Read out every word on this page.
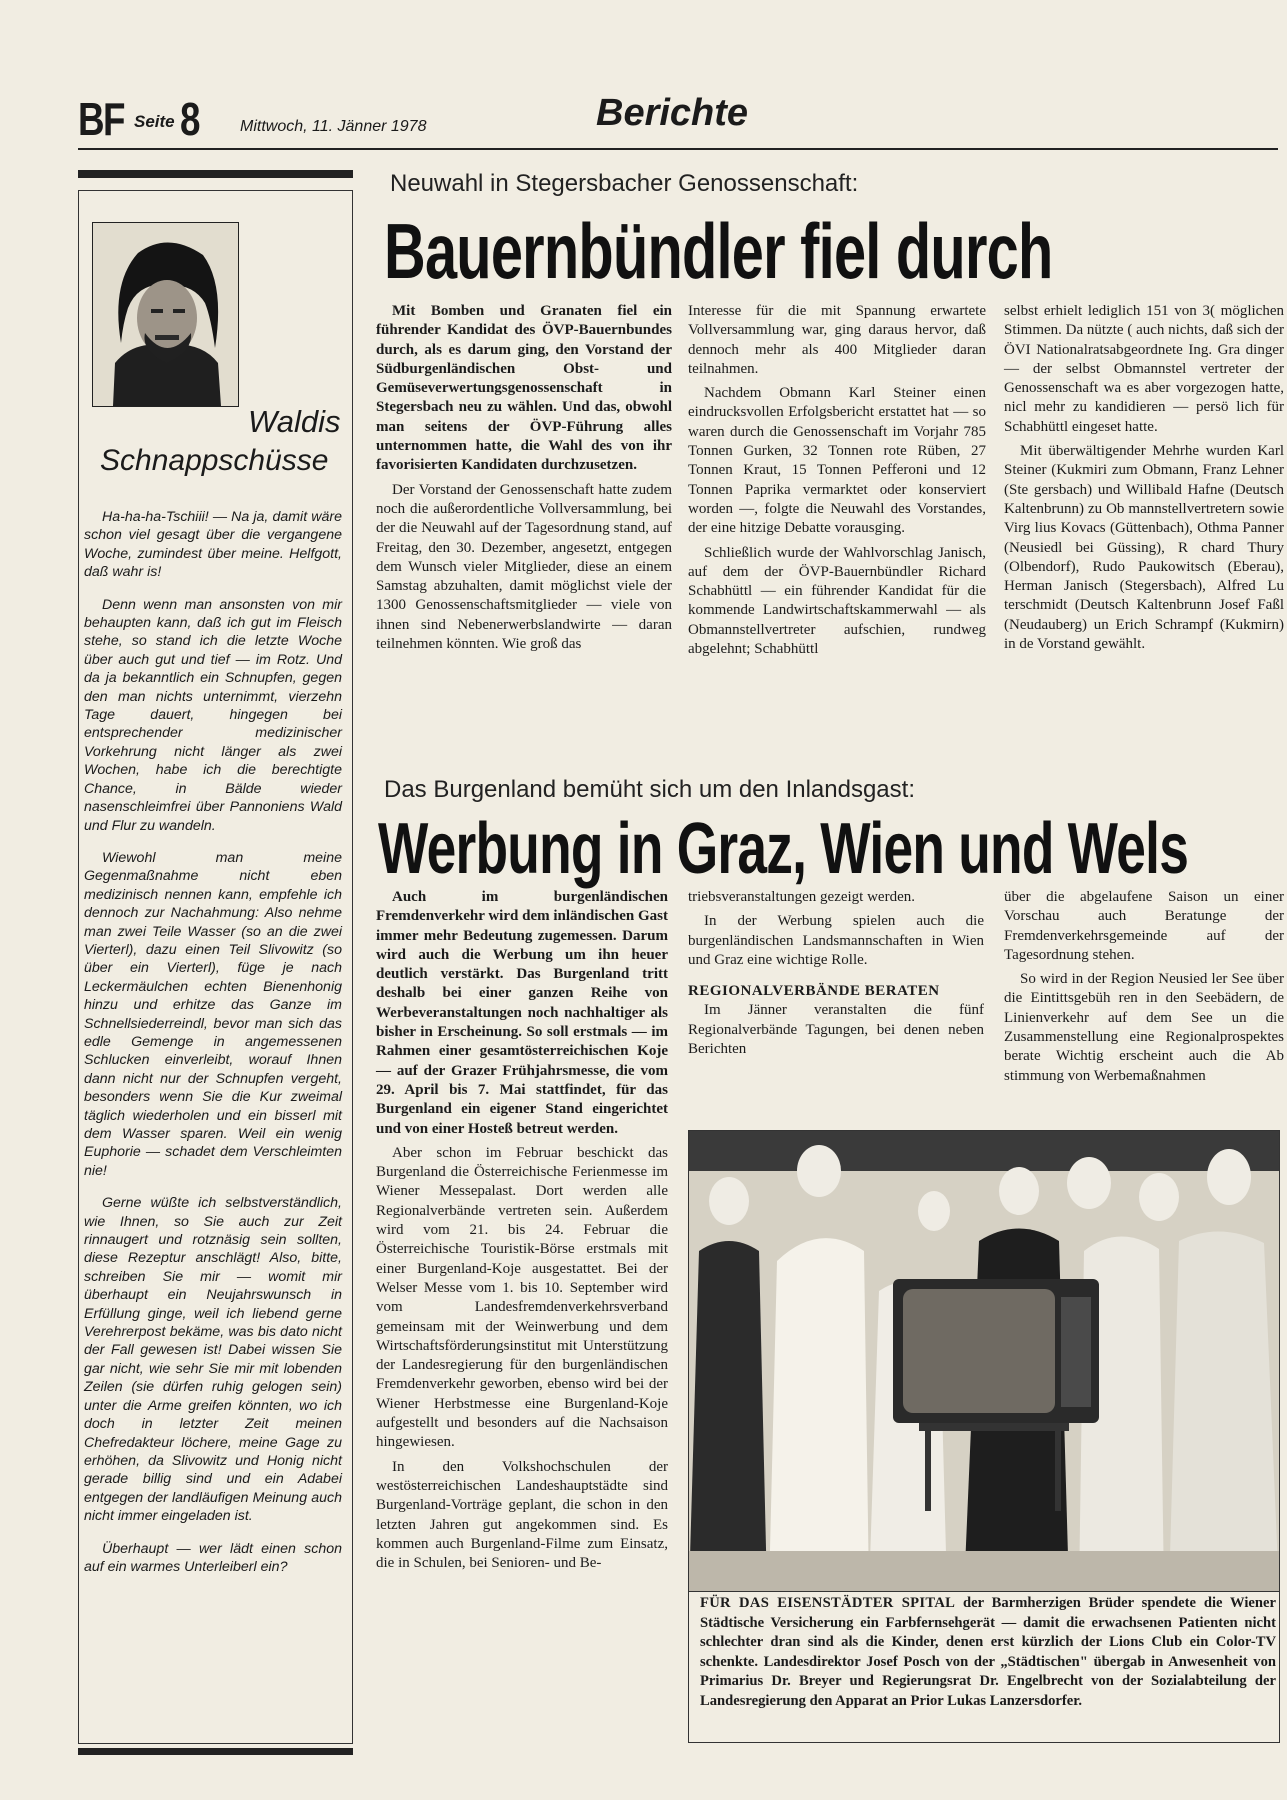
BF Seite 8 Mittwoch, 11. Jänner 1978	Berichte
Waldis
Schnappschüsse

Ha-ha-ha-Tschiii! — Na ja, damit wäre schon viel gesagt über die vergangene Woche, zumindest über meine. Helfgott, daß wahr is!

Denn wenn man ansonsten von mir behaupten kann, daß ich gut im Fleisch stehe, so stand ich die letzte Woche über auch gut und tief — im Rotz. Und da ja bekanntlich ein Schnupfen, gegen den man nichts unternimmt, vierzehn Tage dauert, hingegen bei entsprechender medizinischer Vorkehrung nicht länger als zwei Wochen, habe ich die berechtigte Chance, in Bälde wieder nasenschleimfrei über Pannoniens Wald und Flur zu wandeln.

Wiewohl man meine Gegenmaßnahme nicht eben medizinisch nennen kann, empfehle ich dennoch zur Nachahmung: Also nehme man zwei Teile Wasser (so an die zwei Vierterl), dazu einen Teil Slivowitz (so über ein Vierterl), füge je nach Leckermäulchen echten Bienenhonig hinzu und erhitze das Ganze im Schnellsiederreindl, bevor man sich das edle Gemenge in angemessenen Schlucken einverleibt, worauf Ihnen dann nicht nur der Schnupfen vergeht, besonders wenn Sie die Kur zweimal täglich wiederholen und ein bisserl mit dem Wasser sparen. Weil ein wenig Euphorie — schadet dem Verschleimten nie!

Gerne wüßte ich selbstverständlich, wie Ihnen, so Sie auch zur Zeit rinnaugert und rotznäsig sein sollten, diese Rezeptur anschlägt! Also, bitte, schreiben Sie mir — womit mir überhaupt ein Neujahrswunsch in Erfüllung ginge, weil ich liebend gerne Verehrerpost bekäme, was bis dato nicht der Fall gewesen ist! Dabei wissen Sie gar nicht, wie sehr Sie mir mit lobenden Zeilen (sie dürfen ruhig gelogen sein) unter die Arme greifen könnten, wo ich doch in letzter Zeit meinen Chefredakteur löchere, meine Gage zu erhöhen, da Slivowitz und Honig nicht gerade billig sind und ein Adabei entgegen der landläufigen Meinung auch nicht immer eingeladen ist.

Überhaupt — wer lädt einen schon auf ein warmes Unterleiberl ein?

Neuwahl in Stegersbacher Genossenschaft:
Bauernbündler fiel durch

Mit Bomben und Granaten fiel ein führender Kandidat des ÖVP-Bauernbundes durch, als es darum ging, den Vorstand der Südburgenländischen Obst- und Gemüseverwertungsgenossenschaft in Stegersbach neu zu wählen. Und das, obwohl man seitens der ÖVP-Führung alles unternommen hatte, die Wahl des von ihr favorisierten Kandidaten durchzusetzen.

Der Vorstand der Genossenschaft hatte zudem noch die außerordentliche Vollversammlung, bei der die Neuwahl auf der Tagesordnung stand, auf Freitag, den 30. Dezember, angesetzt, entgegen dem Wunsch vieler Mitglieder, diese an einem Samstag abzuhalten, damit möglichst viele der 1300 Genossenschaftsmitglieder — viele von ihnen sind Nebenerwerbslandwirte — daran teilnehmen könnten. Wie groß das

Interesse für die mit Spannung erwartete Vollversammlung war, ging daraus hervor, daß dennoch mehr als 400 Mitglieder daran teilnahmen.

Nachdem Obmann Karl Steiner einen eindrucksvollen Erfolgsbericht erstattet hat — so waren durch die Genossenschaft im Vorjahr 785 Tonnen Gurken, 32 Tonnen rote Rüben, 27 Tonnen Kraut, 15 Tonnen Pefferoni und 12 Tonnen Paprika vermarktet oder konserviert worden —, folgte die Neuwahl des Vorstandes, der eine hitzige Debatte vorausging.

Schließlich wurde der Wahlvorschlag Janisch, auf dem der ÖVP-Bauernbündler Richard Schabhüttl — ein führender Kandidat für die kommende Landwirtschaftskammerwahl — als Obmannstellvertreter aufschien, rundweg abgelehnt; Schabhüttl

selbst erhielt lediglich 151 von 3( möglichen Stimmen. Da nützte ( auch nichts, daß sich der ÖVI Nationalratsabgeordnete Ing. Gra dinger — der selbst Obmannstel vertreter der Genossenschaft wa es aber vorgezogen hatte, nicl mehr zu kandidieren — persö lich für Schabhüttl eingeset hatte.

Mit überwältigender Mehrhe wurden Karl Steiner (Kukmiri zum Obmann, Franz Lehner (Ste gersbach) und Willibald Hafne (Deutsch Kaltenbrunn) zu Ob mannstellvertretern sowie Virg lius Kovacs (Güttenbach), Othma Panner (Neusiedl bei Güssing), R chard Thury (Olbendorf), Rudo Paukowitsch (Eberau), Herman Janisch (Stegersbach), Alfred Lu terschmidt (Deutsch Kaltenbrunn Josef Faßl (Neudauberg) un Erich Schrampf (Kukmirn) in de Vorstand gewählt.

Das Burgenland bemüht sich um den Inlandsgast:
Werbung in Graz, Wien und Wels

Auch im burgenländischen Fremdenverkehr wird dem inländischen Gast immer mehr Bedeutung zugemessen. Darum wird auch die Werbung um ihn heuer deutlich verstärkt. Das Burgenland tritt deshalb bei einer ganzen Reihe von Werbeveranstaltungen noch nachhaltiger als bisher in Erscheinung. So soll erstmals — im Rahmen einer gesamtösterreichischen Koje — auf der Grazer Frühjahrsmesse, die vom 29. April bis 7. Mai stattfindet, für das Burgenland ein eigener Stand eingerichtet und von einer Hosteß betreut werden.

Aber schon im Februar beschickt das Burgenland die Österreichische Ferienmesse im Wiener Messepalast. Dort werden alle Regionalverbände vertreten sein. Außerdem wird vom 21. bis 24. Februar die Österreichische Touristik-Börse erstmals mit einer Burgenland-Koje ausgestattet. Bei der Welser Messe vom 1. bis 10. September wird vom Landesfremdenverkehrsverband gemeinsam mit der Weinwerbung und dem Wirtschaftsförderungsinstitut mit Unterstützung der Landesregierung für den burgenländischen Fremdenverkehr geworben, ebenso wird bei der Wiener Herbstmesse eine Burgenland-Koje aufgestellt und besonders auf die Nachsaison hingewiesen.

In den Volkshochschulen der westösterreichischen Landeshauptstädte sind Burgenland-Vorträge geplant, die schon in den letzten Jahren gut angekommen sind. Es kommen auch Burgenland-Filme zum Einsatz, die in Schulen, bei Senioren- und Be-

triebsveranstaltungen gezeigt werden.

In der Werbung spielen auch die burgenländischen Landsmannschaften in Wien und Graz eine wichtige Rolle.

REGIONALVERBÄNDE BERATEN

Im Jänner veranstalten die fünf Regionalverbände Tagungen, bei denen neben Berichten

über die abgelaufene Saison un einer Vorschau auch Beratunge der Fremdenverkehrsgemeinde auf der Tagesordnung stehen.

So wird in der Region Neusied ler See über die Eintittsgebüh ren in den Seebädern, de Linienverkehr auf dem See un die Zusammenstellung eine Regionalprospektes berate Wichtig erscheint auch die Ab stimmung von Werbemaßnahmen

FÜR DAS EISENSTÄDTER SPITAL der Barmherzigen Brüder spendete die Wiener Städtische Versicherung ein Farbfernsehgerät — damit die erwachsenen Patienten nicht schlechter dran sind als die Kinder, denen erst kürzlich der Lions Club ein Color-TV schenkte. Landesdirektor Josef Posch von der „Städtischen" übergab in Anwesenheit von Primarius Dr. Breyer und Regierungsrat Dr. Engelbrecht von der Sozialabteilung der Landesregierung den Apparat an Prior Lukas Lanzersdorfer.
